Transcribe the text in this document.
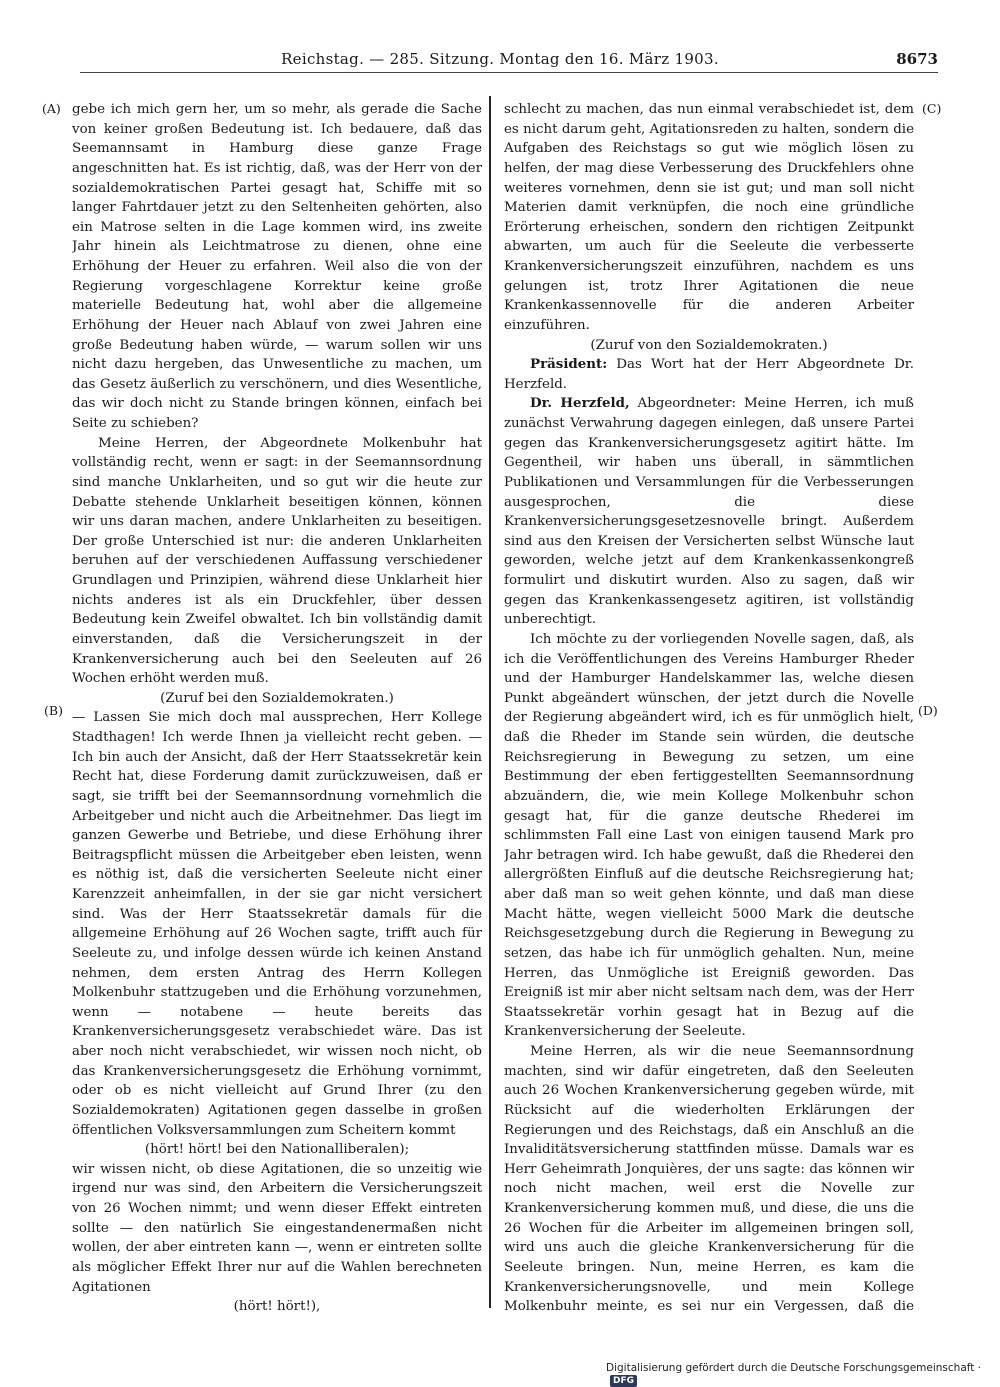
Reichstag. — 285. Sitzung. Montag den 16. März 1903.	8673
(A)
(B)
(C)
(D)

gebe ich mich gern her, um so mehr, als gerade die Sache von keiner großen Bedeutung ist. Ich bedauere, daß das Seemannsamt in Hamburg diese ganze Frage angeschnitten hat. Es ist richtig, daß, was der Herr von der sozialdemokratischen Partei gesagt hat, Schiffe mit so langer Fahrtdauer jetzt zu den Seltenheiten gehörten, also ein Matrose selten in die Lage kommen wird, ins zweite Jahr hinein als Leichtmatrose zu dienen, ohne eine Erhöhung der Heuer zu erfahren. Weil also die von der Regierung vorgeschlagene Korrektur keine große materielle Bedeutung hat, wohl aber die allgemeine Erhöhung der Heuer nach Ablauf von zwei Jahren eine große Bedeutung haben würde, — warum sollen wir uns nicht dazu hergeben, das Unwesentliche zu machen, um das Gesetz äußerlich zu verschönern, und dies Wesentliche, das wir doch nicht zu Stande bringen können, einfach bei Seite zu schieben?

Meine Herren, der Abgeordnete Molkenbuhr hat vollständig recht, wenn er sagt: in der Seemannsordnung sind manche Unklarheiten, und so gut wir die heute zur Debatte stehende Unklarheit beseitigen können, können wir uns daran machen, andere Unklarheiten zu beseitigen. Der große Unterschied ist nur: die anderen Unklarheiten beruhen auf der verschiedenen Auffassung verschiedener Grundlagen und Prinzipien, während diese Unklarheit hier nichts anderes ist als ein Druckfehler, über dessen Bedeutung kein Zweifel obwaltet. Ich bin vollständig damit einverstanden, daß die Versicherungszeit in der Krankenversicherung auch bei den Seeleuten auf 26 Wochen erhöht werden muß.

(Zuruf bei den Sozialdemokraten.)

— Lassen Sie mich doch mal aussprechen, Herr Kollege Stadthagen! Ich werde Ihnen ja vielleicht recht geben. — Ich bin auch der Ansicht, daß der Herr Staatssekretär kein Recht hat, diese Forderung damit zurückzuweisen, daß er sagt, sie trifft bei der Seemannsordnung vornehmlich die Arbeitgeber und nicht auch die Arbeitnehmer. Das liegt im ganzen Gewerbe und Betriebe, und diese Erhöhung ihrer Beitragspflicht müssen die Arbeitgeber eben leisten, wenn es nöthig ist, daß die versicherten Seeleute nicht einer Karenzzeit anheimfallen, in der sie gar nicht versichert sind. Was der Herr Staatssekretär damals für die allgemeine Erhöhung auf 26 Wochen sagte, trifft auch für Seeleute zu, und infolge dessen würde ich keinen Anstand nehmen, dem ersten Antrag des Herrn Kollegen Molkenbuhr stattzugeben und die Erhöhung vorzunehmen, wenn — notabene — heute bereits das Krankenversicherungsgesetz verabschiedet wäre. Das ist aber noch nicht verabschiedet, wir wissen noch nicht, ob das Krankenversicherungsgesetz die Erhöhung vornimmt, oder ob es nicht vielleicht auf Grund Ihrer (zu den Sozialdemokraten) Agitationen gegen dasselbe in großen öffentlichen Volksversammlungen zum Scheitern kommt

(hört! hört! bei den Nationalliberalen);

wir wissen nicht, ob diese Agitationen, die so unzeitig wie irgend nur was sind, den Arbeitern die Versicherungszeit von 26 Wochen nimmt; und wenn dieser Effekt eintreten sollte — den natürlich Sie eingestandenermaßen nicht wollen, der aber eintreten kann —, wenn er eintreten sollte als möglicher Effekt Ihrer nur auf die Wahlen berechneten Agitationen

(hört! hört!),

schlecht zu machen, das nun einmal verabschiedet ist, dem es nicht darum geht, Agitationsreden zu halten, sondern die Aufgaben des Reichstags so gut wie möglich lösen zu helfen, der mag diese Verbesserung des Druckfehlers ohne weiteres vornehmen, denn sie ist gut; und man soll nicht Materien damit verknüpfen, die noch eine gründliche Erörterung erheischen, sondern den richtigen Zeitpunkt abwarten, um auch für die Seeleute die verbesserte Krankenversicherungszeit einzuführen, nachdem es uns gelungen ist, trotz Ihrer Agitationen die neue Krankenkassennovelle für die anderen Arbeiter einzuführen.

(Zuruf von den Sozialdemokraten.)

Präsident: Das Wort hat der Herr Abgeordnete Dr. Herzfeld.

Dr. Herzfeld, Abgeordneter: Meine Herren, ich muß zunächst Verwahrung dagegen einlegen, daß unsere Partei gegen das Krankenversicherungsgesetz agitirt hätte. Im Gegentheil, wir haben uns überall, in sämmtlichen Publikationen und Versammlungen für die Verbesserungen ausgesprochen, die diese Krankenversicherungsgesetzesnovelle bringt. Außerdem sind aus den Kreisen der Versicherten selbst Wünsche laut geworden, welche jetzt auf dem Krankenkassenkongreß formulirt und diskutirt wurden. Also zu sagen, daß wir gegen das Krankenkassengesetz agitiren, ist vollständig unberechtigt.

Ich möchte zu der vorliegenden Novelle sagen, daß, als ich die Veröffentlichungen des Vereins Hamburger Rheder und der Hamburger Handelskammer las, welche diesen Punkt abgeändert wünschen, der jetzt durch die Novelle der Regierung abgeändert wird, ich es für unmöglich hielt, daß die Rheder im Stande sein würden, die deutsche Reichsregierung in Bewegung zu setzen, um eine Bestimmung der eben fertiggestellten Seemannsordnung abzuändern, die, wie mein Kollege Molkenbuhr schon gesagt hat, für die ganze deutsche Rhederei im schlimmsten Fall eine Last von einigen tausend Mark pro Jahr betragen wird. Ich habe gewußt, daß die Rhederei den allergrößten Einfluß auf die deutsche Reichsregierung hat; aber daß man so weit gehen könnte, und daß man diese Macht hätte, wegen vielleicht 5000 Mark die deutsche Reichsgesetzgebung durch die Regierung in Bewegung zu setzen, das habe ich für unmöglich gehalten. Nun, meine Herren, das Unmögliche ist Ereigniß geworden. Das Ereigniß ist mir aber nicht seltsam nach dem, was der Herr Staatssekretär vorhin gesagt hat in Bezug auf die Krankenversicherung der Seeleute.

Meine Herren, als wir die neue Seemannsordnung machten, sind wir dafür eingetreten, daß den Seeleuten auch 26 Wochen Krankenversicherung gegeben würde, mit Rücksicht auf die wiederholten Erklärungen der Regierungen und des Reichstags, daß ein Anschluß an die Invaliditätsversicherung stattfinden müsse. Damals war es Herr Geheimrath Jonquières, der uns sagte: das können wir noch nicht machen, weil erst die Novelle zur Krankenversicherung kommen muß, und diese, die uns die 26 Wochen für die Arbeiter im allgemeinen bringen soll, wird uns auch die gleiche Krankenversicherung für die Seeleute bringen. Nun, meine Herren, es kam die Krankenversicherungsnovelle, und mein Kollege Molkenbuhr meinte, es sei nur ein Vergessen, daß die

Digitalisierung gefördert durch die Deutsche Forschungsgemeinschaft · DFG
